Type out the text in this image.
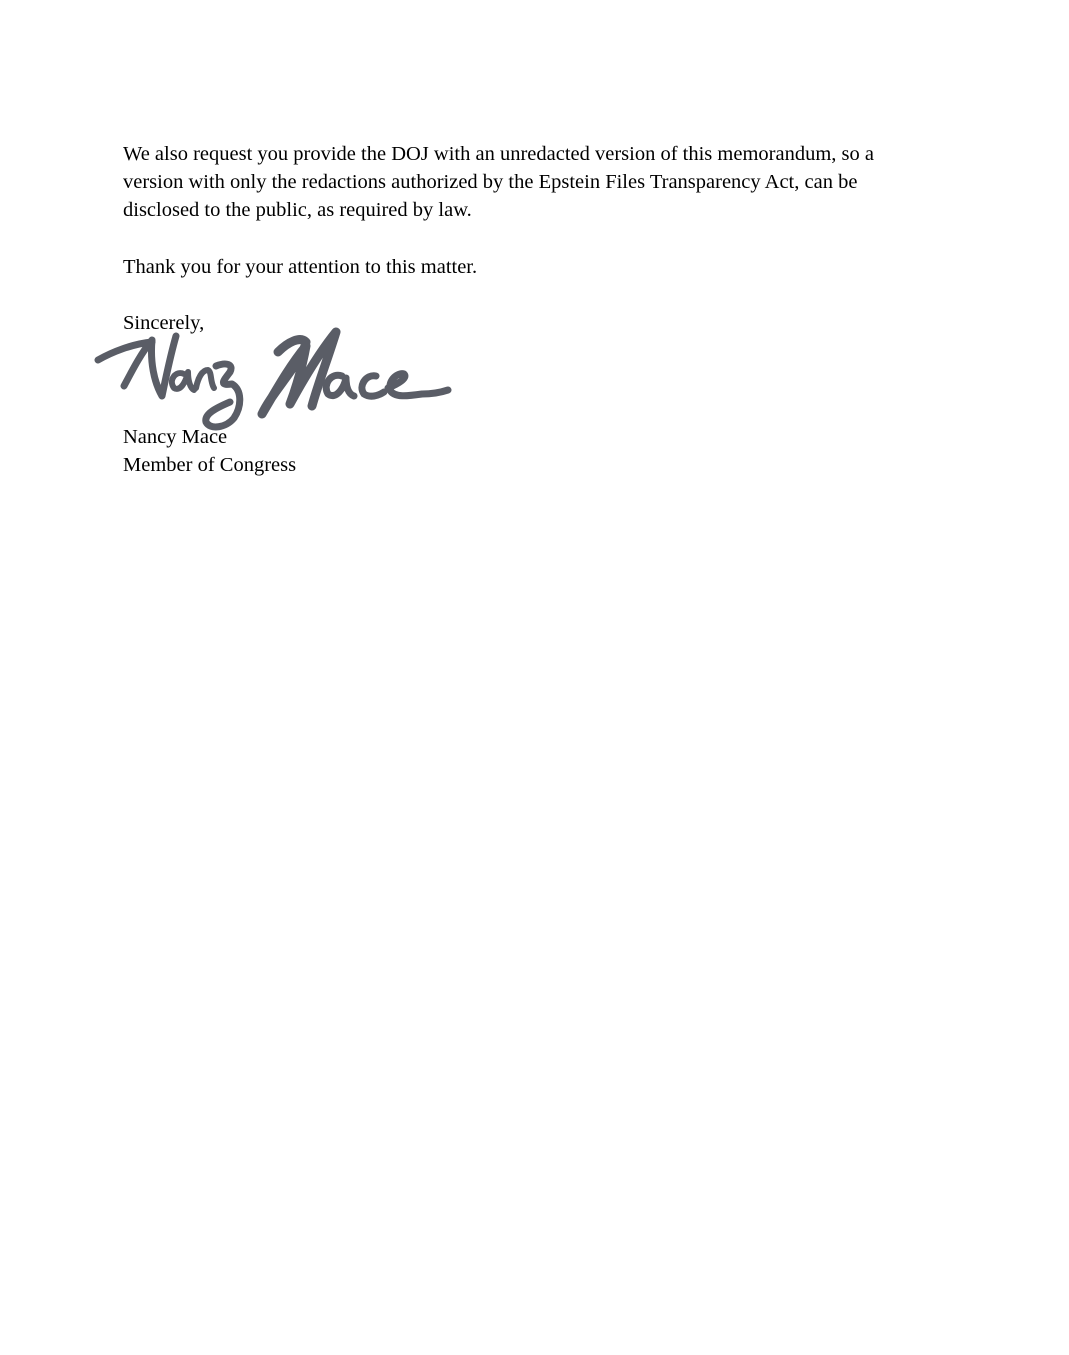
We also request you provide the DOJ with an unredacted version of this memorandum, so a version with only the redactions authorized by the Epstein Files Transparency Act, can be disclosed to the public, as required by law.

Thank you for your attention to this matter.

Sincerely,

Nancy Mace
Member of Congress
